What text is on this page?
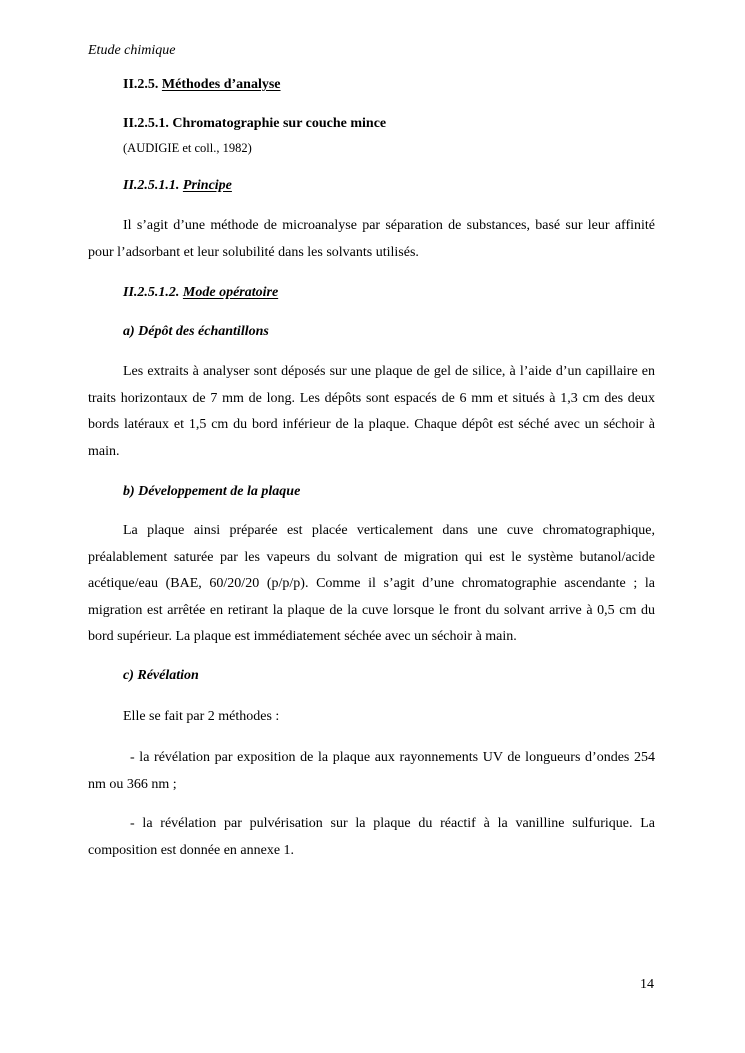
Etude chimique
II.2.5. Méthodes d’analyse
II.2.5.1. Chromatographie sur couche mince
(AUDIGIE et coll., 1982)
II.2.5.1.1. Principe

Il s’agit d’une méthode de microanalyse par séparation de substances, basé sur leur affinité pour l’adsorbant et leur solubilité dans les solvants utilisés.

II.2.5.1.2. Mode opératoire
a) Dépôt des échantillons

Les extraits à analyser sont déposés sur une plaque de gel de silice, à l’aide d’un capillaire en traits horizontaux de 7 mm de long. Les dépôts sont espacés de 6 mm et situés à 1,3 cm des deux bords latéraux et 1,5 cm du bord inférieur de la plaque. Chaque dépôt est séché avec un séchoir à main.

b) Développement de la plaque

La plaque ainsi préparée est placée verticalement dans une cuve chromatographique, préalablement saturée par les vapeurs du solvant de migration qui est le système butanol/acide acétique/eau (BAE, 60/20/20 (p/p/p). Comme il s’agit d’une chromatographie ascendante ; la migration est arrêtée en retirant la plaque de la cuve lorsque le front du solvant arrive à 0,5 cm du bord supérieur. La plaque est immédiatement séchée avec un séchoir à main.

c) Révélation
Elle se fait par 2 méthodes :

- la révélation par exposition de la plaque aux rayonnements UV de longueurs d’ondes 254 nm ou 366 nm ;

- la révélation par pulvérisation sur la plaque du réactif à la vanilline sulfurique. La composition est donnée en annexe 1.

14
